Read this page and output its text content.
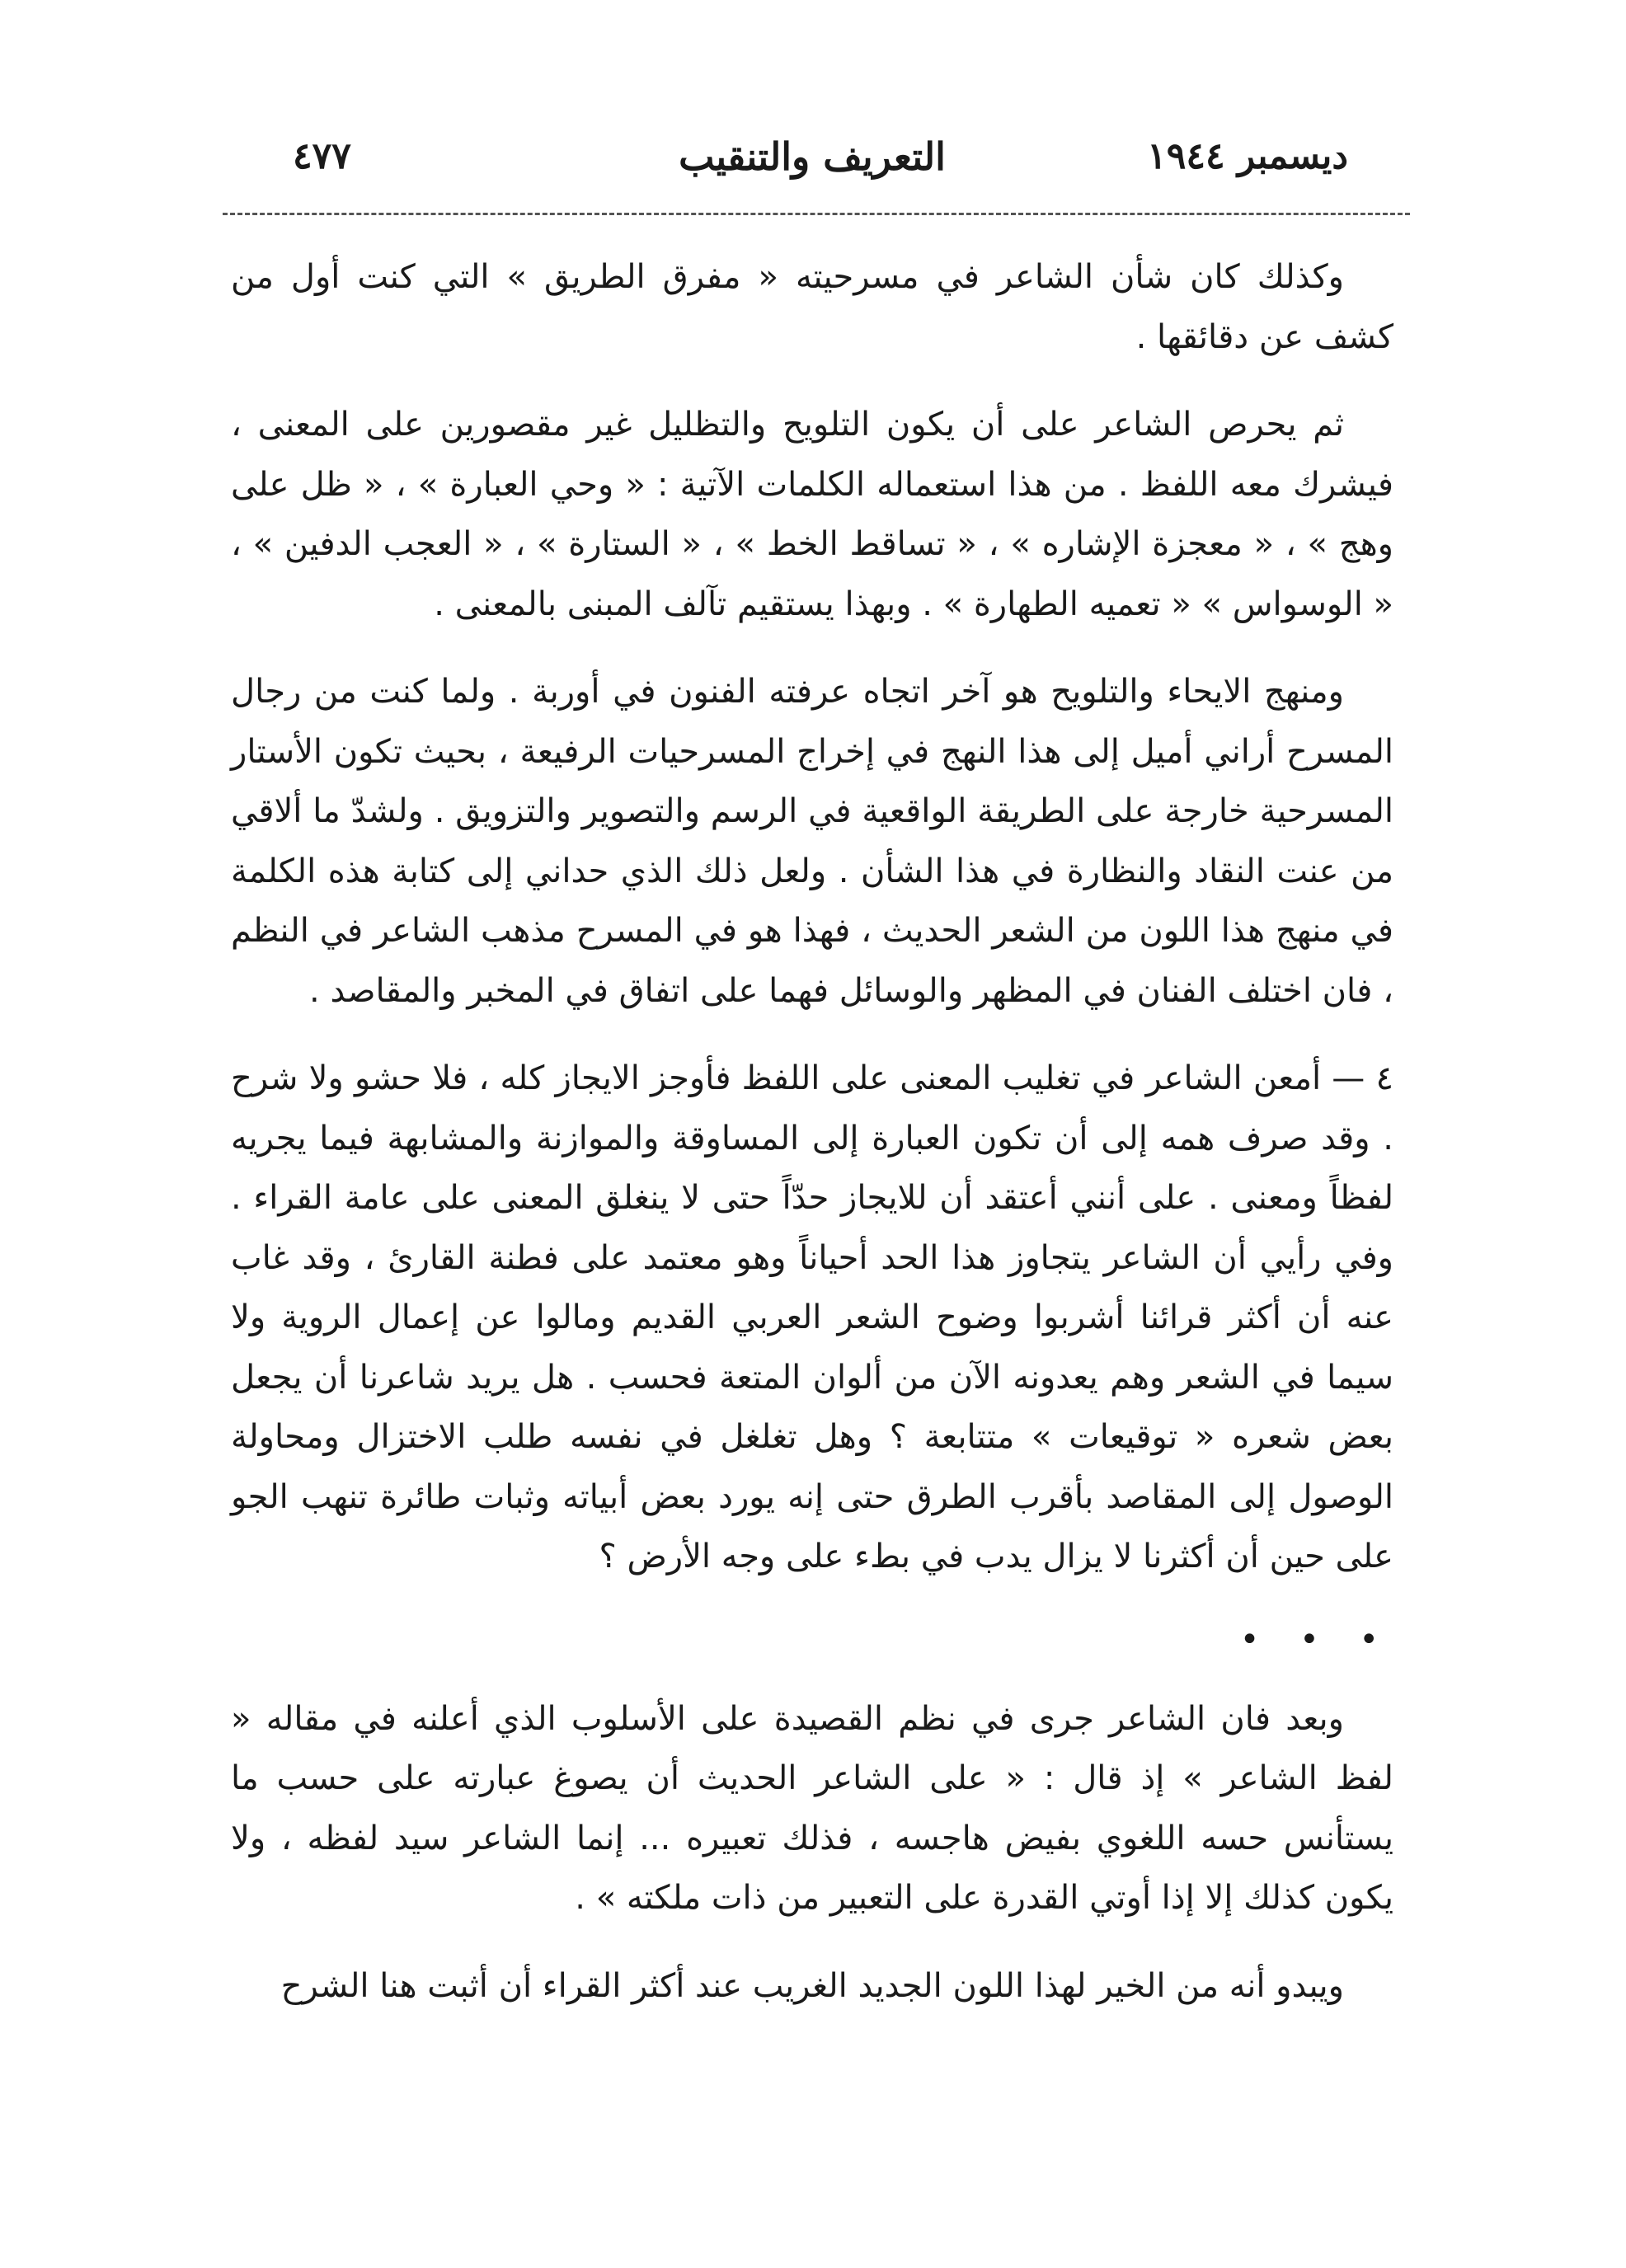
٤٧٧	التعريف والتنقيب	ديسمبر ١٩٤٤

وكذلك كان شأن الشاعر في مسرحيته « مفرق الطريق » التي كنت أول من كشف عن دقائقها .

ثم يحرص الشاعر على أن يكون التلويح والتظليل غير مقصورين على المعنى ، فيشرك معه اللفظ . من هذا استعماله الكلمات الآتية : « وحي العبارة » ، « ظل على وهج » ، « معجزة الإشاره » ، « تساقط الخط » ، « الستارة » ، « العجب الدفين » ، « الوسواس » « تعميه الطهارة » . وبهذا يستقيم تآلف المبنى بالمعنى .

ومنهج الايحاء والتلويح هو آخر اتجاه عرفته الفنون في أوربة . ولما كنت من رجال المسرح أراني أميل إلى هذا النهج في إخراج المسرحيات الرفيعة ، بحيث تكون الأستار المسرحية خارجة على الطريقة الواقعية في الرسم والتصوير والتزويق . ولشدّ ما ألاقي من عنت النقاد والنظارة في هذا الشأن . ولعل ذلك الذي حداني إلى كتابة هذه الكلمة في منهج هذا اللون من الشعر الحديث ، فهذا هو في المسرح مذهب الشاعر في النظم ، فان اختلف الفنان في المظهر والوسائل فهما على اتفاق في المخبر والمقاصد .

٤ — أمعن الشاعر في تغليب المعنى على اللفظ فأوجز الايجاز كله ، فلا حشو ولا شرح . وقد صرف همه إلى أن تكون العبارة إلى المساوقة والموازنة والمشابهة فيما يجريه لفظاً ومعنى . على أنني أعتقد أن للايجاز حدّاً حتى لا ينغلق المعنى على عامة القراء . وفي رأيي أن الشاعر يتجاوز هذا الحد أحياناً وهو معتمد على فطنة القارئ ، وقد غاب عنه أن أكثر قرائنا أشربوا وضوح الشعر العربي القديم ومالوا عن إعمال الروية ولا سيما في الشعر وهم يعدونه الآن من ألوان المتعة فحسب . هل يريد شاعرنا أن يجعل بعض شعره « توقيعات » متتابعة ؟ وهل تغلغل في نفسه طلب الاختزال ومحاولة الوصول إلى المقاصد بأقرب الطرق حتى إنه يورد بعض أبياته وثبات طائرة تنهب الجو على حين أن أكثرنا لا يزال يدب في بطء على وجه الأرض ؟

• • •

وبعد فان الشاعر جرى في نظم القصيدة على الأسلوب الذي أعلنه في مقاله « لفظ الشاعر » إذ قال : « على الشاعر الحديث أن يصوغ عبارته على حسب ما يستأنس حسه اللغوي بفيض هاجسه ، فذلك تعبيره ... إنما الشاعر سيد لفظه ، ولا يكون كذلك إلا إذا أوتي القدرة على التعبير من ذات ملكته » .

ويبدو أنه من الخير لهذا اللون الجديد الغريب عند أكثر القراء أن أثبت هنا الشرح
